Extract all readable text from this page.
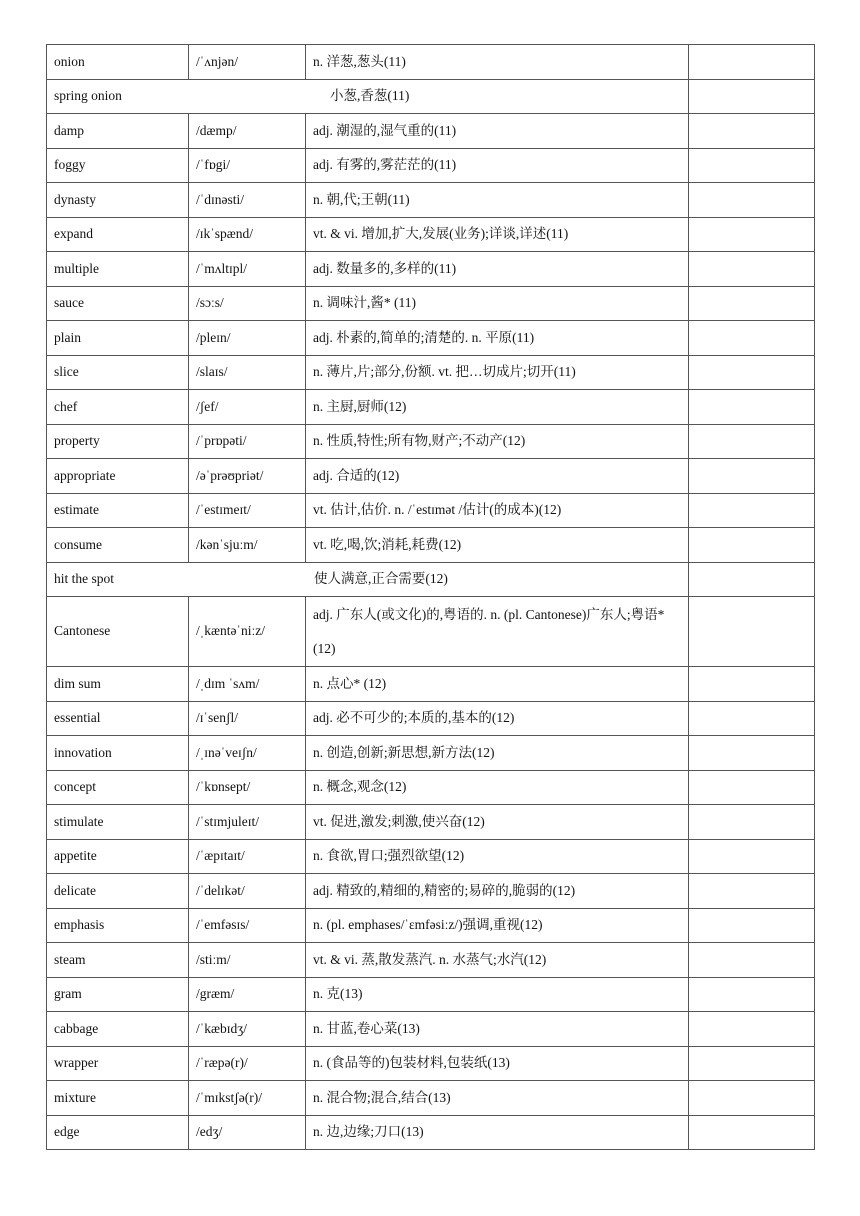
onion	/ˈʌnjən/	n. 洋葱,葱头(11)	
spring onion 小葱,香葱(11)			
damp	/dæmp/	adj. 潮湿的,湿气重的(11)	
foggy	/ˈfɒgi/	adj. 有雾的,雾茫茫的(11)	
dynasty	/ˈdɪnəsti/	n. 朝,代;王朝(11)	
expand	/ɪkˈspænd/	vt. & vi. 增加,扩大,发展(业务);详谈,详述(11)	
multiple	/ˈmʌltɪpl/	adj. 数量多的,多样的(11)	
sauce	/sɔːs/	n. 调味汁,酱* (11)	
plain	/pleɪn/	adj. 朴素的,简单的;清楚的. n. 平原(11)	
slice	/slaɪs/	n. 薄片,片;部分,份额. vt. 把…切成片;切开(11)	
chef	/ʃef/	n. 主厨,厨师(12)	
property	/ˈprɒpəti/	n. 性质,特性;所有物,财产;不动产(12)	
appropriate	/əˈprəʊpriət/	adj. 合适的(12)	
estimate	/ˈestɪmeɪt/	vt. 估计,估价. n. /ˈestɪmət /估计(的成本)(12)	
consume	/kənˈsjuːm/	vt. 吃,喝,饮;消耗,耗费(12)	
hit the spot 使人满意,正合需要(12)			
Cantonese	/ˌkæntəˈniːz/	adj. 广东人(或文化)的,粤语的. n. (pl. Cantonese)广东人;粤语* (12)	
dim sum	/ˌdɪm ˈsʌm/	n. 点心* (12)	
essential	/ɪˈsenʃl/	adj. 必不可少的;本质的,基本的(12)	
innovation	/ˌɪnəˈveɪʃn/	n. 创造,创新;新思想,新方法(12)	
concept	/ˈkɒnsept/	n. 概念,观念(12)	
stimulate	/ˈstɪmjuleɪt/	vt. 促进,激发;刺激,使兴奋(12)	
appetite	/ˈæpɪtaɪt/	n. 食欲,胃口;强烈欲望(12)	
delicate	/ˈdelɪkət/	adj. 精致的,精细的,精密的;易碎的,脆弱的(12)	
emphasis	/ˈemfəsɪs/	n. (pl. emphases/ˈɛmfəsiːz/)强调,重视(12)	
steam	/stiːm/	vt. & vi. 蒸,散发蒸汽. n. 水蒸气;水汽(12)	
gram	/græm/	n. 克(13)	
cabbage	/ˈkæbɪdʒ/	n. 甘蓝,卷心菜(13)	
wrapper	/ˈræpə(r)/	n. (食品等的)包装材料,包装纸(13)	
mixture	/ˈmɪkstʃə(r)/	n. 混合物;混合,结合(13)	
edge	/edʒ/	n. 边,边缘;刀口(13)	
